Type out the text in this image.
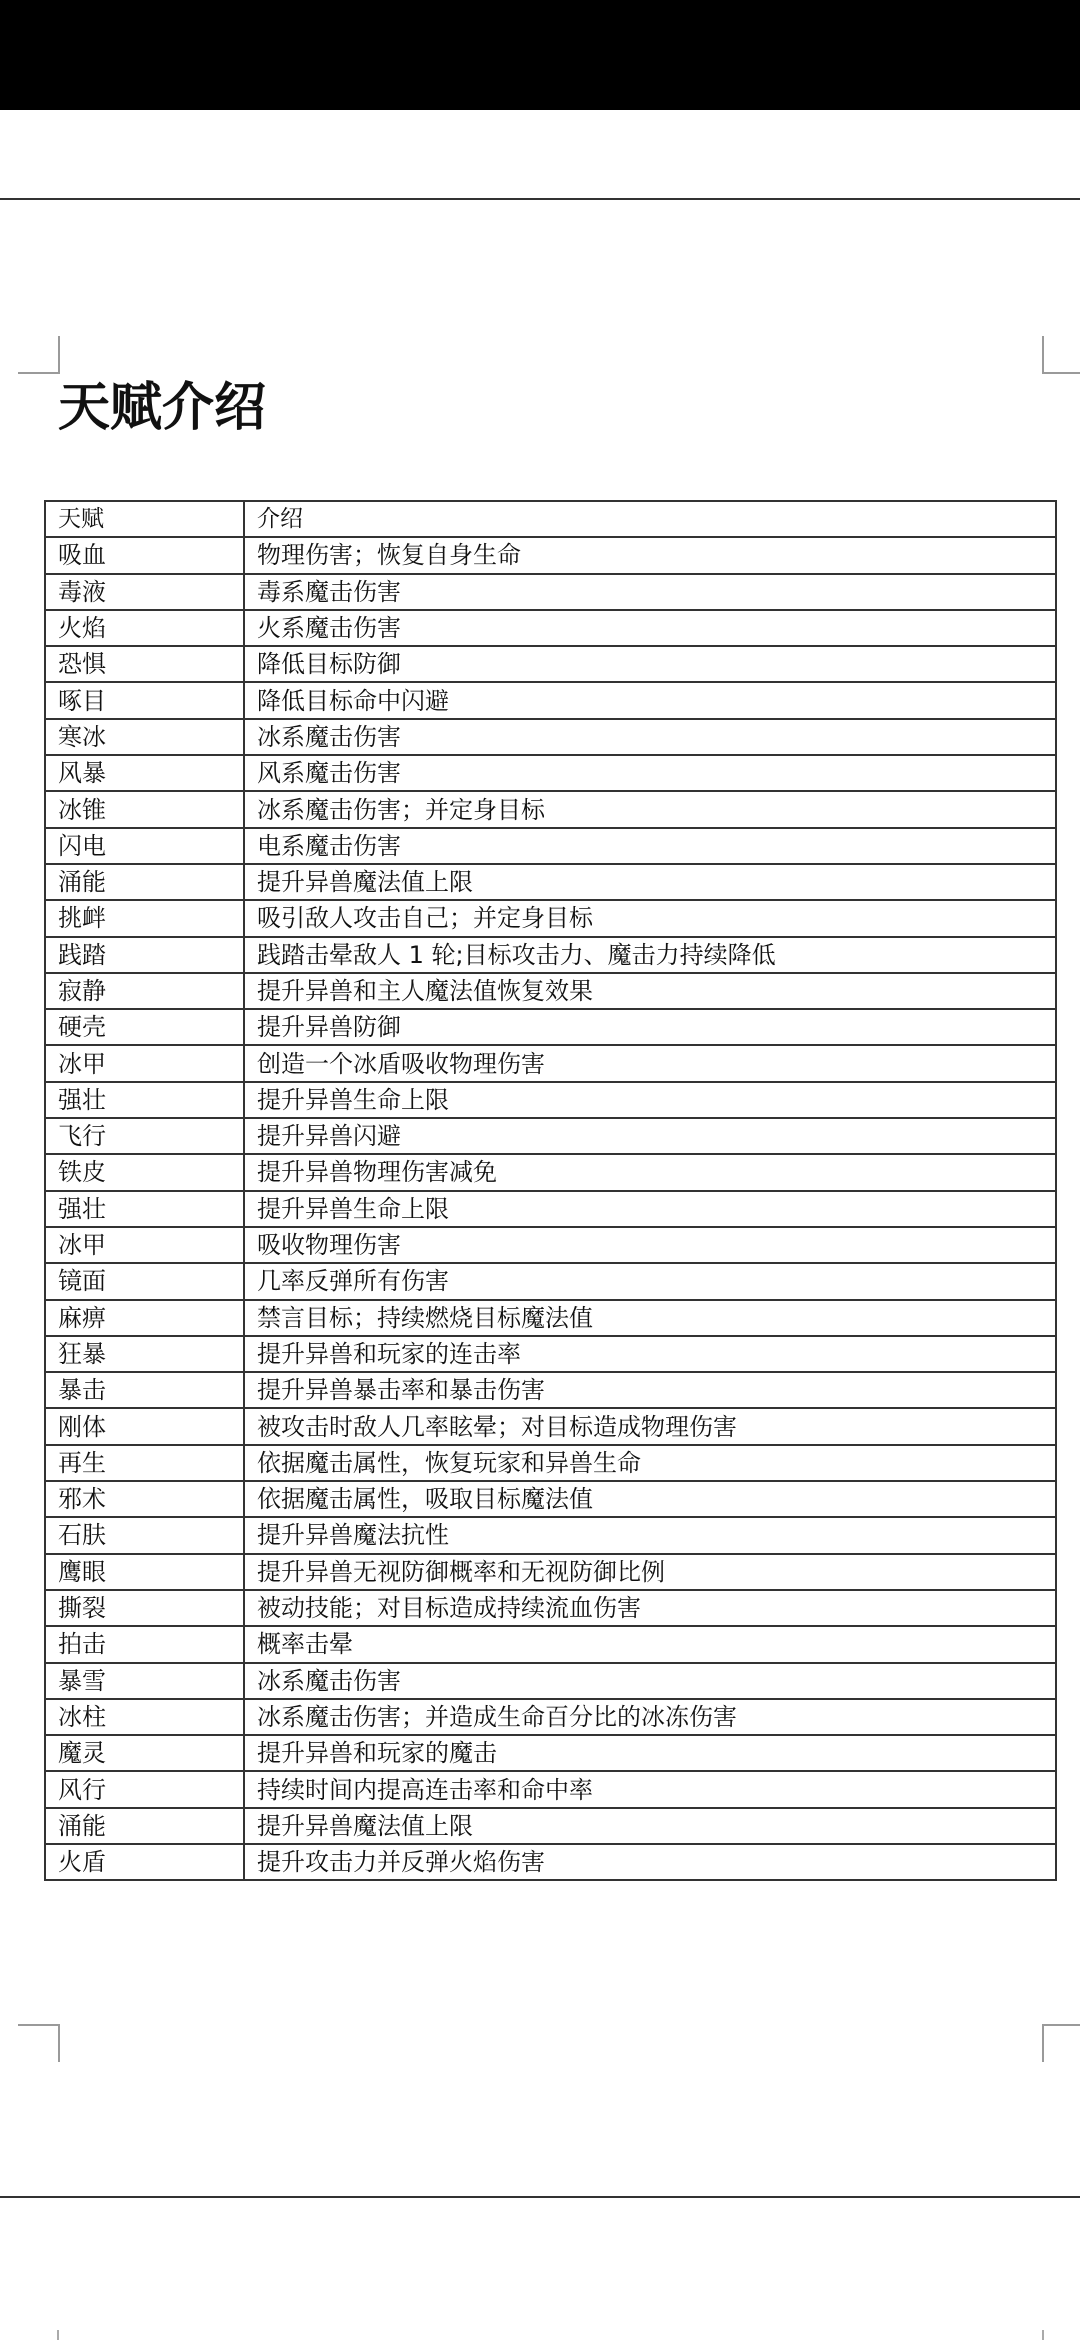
天赋介绍
天赋	介绍
吸血	物理伤害；恢复自身生命
毒液	毒系魔击伤害
火焰	火系魔击伤害
恐惧	降低目标防御
啄目	降低目标命中闪避
寒冰	冰系魔击伤害
风暴	风系魔击伤害
冰锥	冰系魔击伤害；并定身目标
闪电	电系魔击伤害
涌能	提升异兽魔法值上限
挑衅	吸引敌人攻击自己；并定身目标
践踏	践踏击晕敌人 1 轮;目标攻击力、魔击力持续降低
寂静	提升异兽和主人魔法值恢复效果
硬壳	提升异兽防御
冰甲	创造一个冰盾吸收物理伤害
强壮	提升异兽生命上限
飞行	提升异兽闪避
铁皮	提升异兽物理伤害减免
强壮	提升异兽生命上限
冰甲	吸收物理伤害
镜面	几率反弹所有伤害
麻痹	禁言目标；持续燃烧目标魔法值
狂暴	提升异兽和玩家的连击率
暴击	提升异兽暴击率和暴击伤害
刚体	被攻击时敌人几率眩晕；对目标造成物理伤害
再生	依据魔击属性，恢复玩家和异兽生命
邪术	依据魔击属性，吸取目标魔法值
石肤	提升异兽魔法抗性
鹰眼	提升异兽无视防御概率和无视防御比例
撕裂	被动技能；对目标造成持续流血伤害
拍击	概率击晕
暴雪	冰系魔击伤害
冰柱	冰系魔击伤害；并造成生命百分比的冰冻伤害
魔灵	提升异兽和玩家的魔击
风行	持续时间内提高连击率和命中率
涌能	提升异兽魔法值上限
火盾	提升攻击力并反弹火焰伤害
